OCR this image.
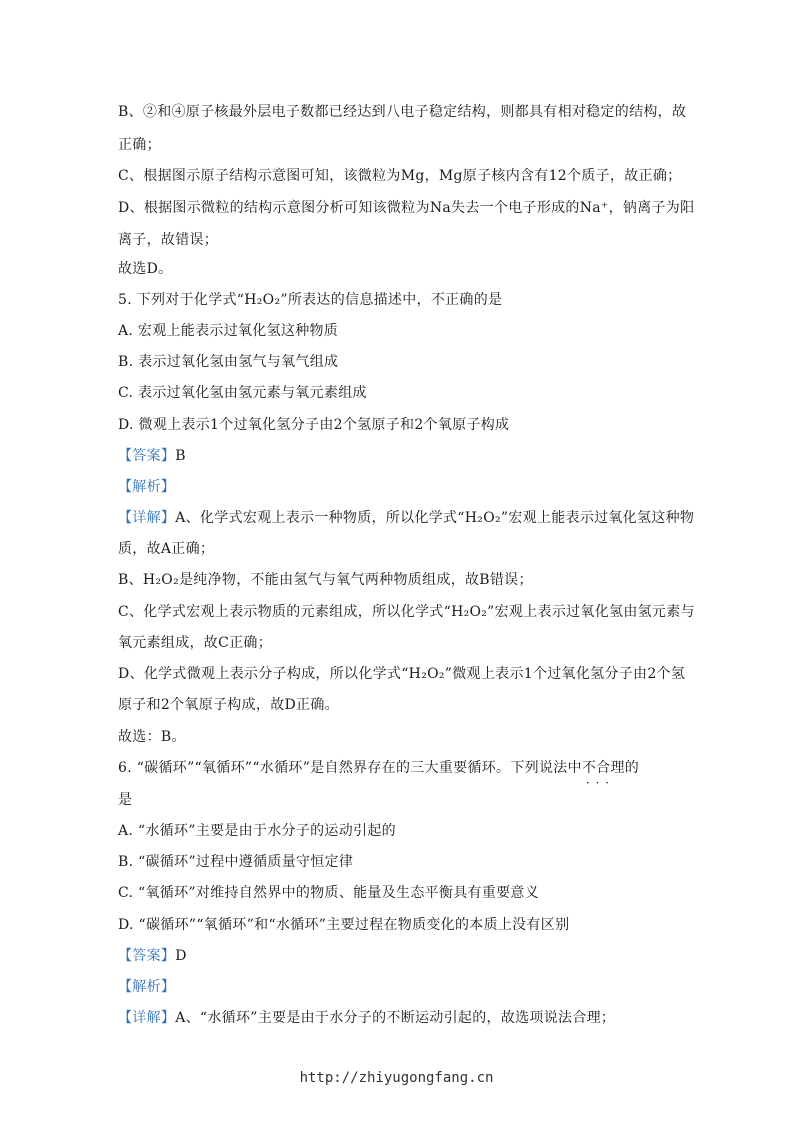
B、②和④原子核最外层电子数都已经达到八电子稳定结构，则都具有相对稳定的结构，故
正确；
C、根据图示原子结构示意图可知，该微粒为Mg，Mg原子核内含有12个质子，故正确；
D、根据图示微粒的结构示意图分析可知该微粒为Na失去一个电子形成的Na⁺，钠离子为阳
离子，故错误；
故选D。
5. 下列对于化学式“H₂O₂”所表达的信息描述中，不正确的是
A. 宏观上能表示过氧化氢这种物质
B. 表示过氧化氢由氢气与氧气组成
C. 表示过氧化氢由氢元素与氧元素组成
D. 微观上表示1个过氧化氢分子由2个氢原子和2个氧原子构成
【答案】B
【解析】
【详解】A、化学式宏观上表示一种物质，所以化学式“H₂O₂”宏观上能表示过氧化氢这种物
质，故A正确；
B、H₂O₂是纯净物，不能由氢气与氧气两种物质组成，故B错误；
C、化学式宏观上表示物质的元素组成，所以化学式“H₂O₂”宏观上表示过氧化氢由氢元素与
氧元素组成，故C正确；
D、化学式微观上表示分子构成，所以化学式“H₂O₂”微观上表示1个过氧化氢分子由2个氢
原子和2个氧原子构成，故D正确。
故选：B。
6. “碳循环”“氧循环”“水循环”是自然界存在的三大重要循环。下列说法中不合理 · · ·的
是
A. “水循环”主要是由于水分子的运动引起的
B. “碳循环”过程中遵循质量守恒定律
C. “氧循环”对维持自然界中的物质、能量及生态平衡具有重要意义
D. “碳循环”“氧循环”和“水循环”主要过程在物质变化的本质上没有区别
【答案】D
【解析】
【详解】A、“水循环”主要是由于水分子的不断运动引起的，故选项说法合理；
http://zhiyugongfang.cn
